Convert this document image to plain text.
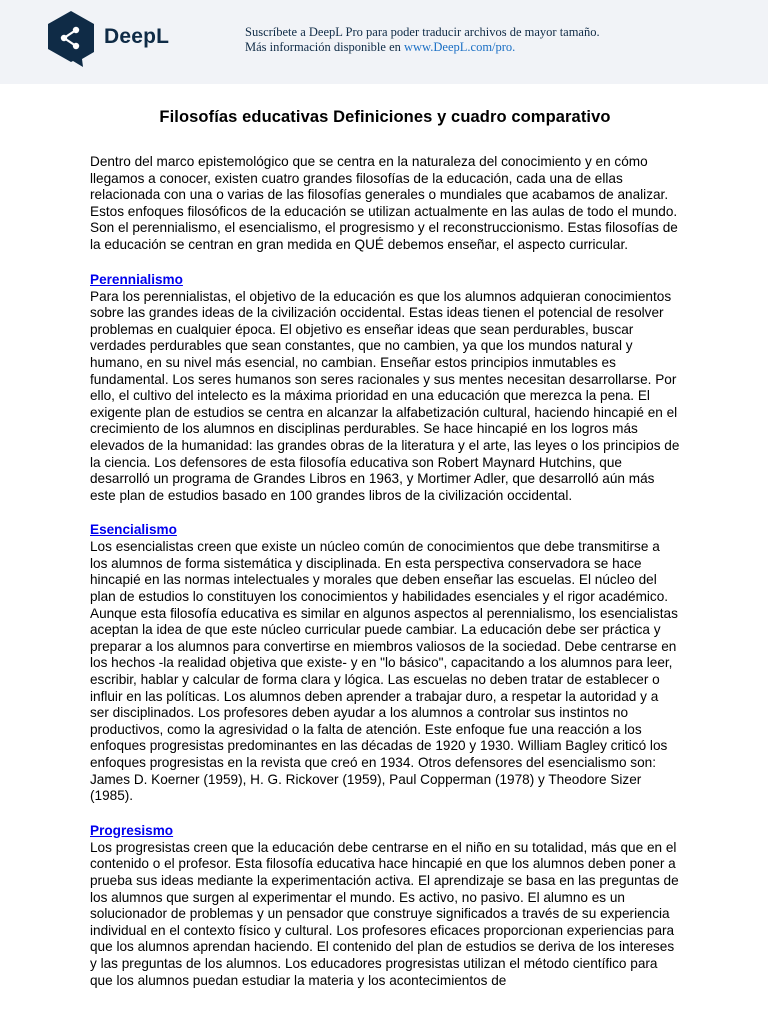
DeepL	Suscríbete a DeepL Pro para poder traducir archivos de mayor tamaño.
Más información disponible en www.DeepL.com/pro.
Filosofías educativas Definiciones y cuadro comparativo

Dentro del marco epistemológico que se centra en la naturaleza del conocimiento y en cómo llegamos a conocer, existen cuatro grandes filosofías de la educación, cada una de ellas relacionada con una o varias de las filosofías generales o mundiales que acabamos de analizar. Estos enfoques filosóficos de la educación se utilizan actualmente en las aulas de todo el mundo. Son el perennialismo, el esencialismo, el progresismo y el reconstruccionismo. Estas filosofías de la educación se centran en gran medida en QUÉ debemos enseñar, el aspecto curricular.

Perennialismo

Para los perennialistas, el objetivo de la educación es que los alumnos adquieran conocimientos sobre las grandes ideas de la civilización occidental. Estas ideas tienen el potencial de resolver problemas en cualquier época. El objetivo es enseñar ideas que sean perdurables, buscar verdades perdurables que sean constantes, que no cambien, ya que los mundos natural y humano, en su nivel más esencial, no cambian. Enseñar estos principios inmutables es fundamental. Los seres humanos son seres racionales y sus mentes necesitan desarrollarse. Por ello, el cultivo del intelecto es la máxima prioridad en una educación que merezca la pena. El exigente plan de estudios se centra en alcanzar la alfabetización cultural, haciendo hincapié en el crecimiento de los alumnos en disciplinas perdurables. Se hace hincapié en los logros más elevados de la humanidad: las grandes obras de la literatura y el arte, las leyes o los principios de la ciencia. Los defensores de esta filosofía educativa son Robert Maynard Hutchins, que desarrolló un programa de Grandes Libros en 1963, y Mortimer Adler, que desarrolló aún más este plan de estudios basado en 100 grandes libros de la civilización occidental.

Esencialismo

Los esencialistas creen que existe un núcleo común de conocimientos que debe transmitirse a los alumnos de forma sistemática y disciplinada. En esta perspectiva conservadora se hace hincapié en las normas intelectuales y morales que deben enseñar las escuelas. El núcleo del plan de estudios lo constituyen los conocimientos y habilidades esenciales y el rigor académico. Aunque esta filosofía educativa es similar en algunos aspectos al perennialismo, los esencialistas aceptan la idea de que este núcleo curricular puede cambiar. La educación debe ser práctica y preparar a los alumnos para convertirse en miembros valiosos de la sociedad. Debe centrarse en los hechos -la realidad objetiva que existe- y en "lo básico", capacitando a los alumnos para leer, escribir, hablar y calcular de forma clara y lógica. Las escuelas no deben tratar de establecer o influir en las políticas. Los alumnos deben aprender a trabajar duro, a respetar la autoridad y a ser disciplinados. Los profesores deben ayudar a los alumnos a controlar sus instintos no productivos, como la agresividad o la falta de atención. Este enfoque fue una reacción a los enfoques progresistas predominantes en las décadas de 1920 y 1930. William Bagley criticó los enfoques progresistas en la revista que creó en 1934. Otros defensores del esencialismo son: James D. Koerner (1959), H. G. Rickover (1959), Paul Copperman (1978) y Theodore Sizer (1985).

Progresismo

Los progresistas creen que la educación debe centrarse en el niño en su totalidad, más que en el contenido o el profesor. Esta filosofía educativa hace hincapié en que los alumnos deben poner a prueba sus ideas mediante la experimentación activa. El aprendizaje se basa en las preguntas de los alumnos que surgen al experimentar el mundo. Es activo, no pasivo. El alumno es un solucionador de problemas y un pensador que construye significados a través de su experiencia individual en el contexto físico y cultural. Los profesores eficaces proporcionan experiencias para que los alumnos aprendan haciendo. El contenido del plan de estudios se deriva de los intereses y las preguntas de los alumnos. Los educadores progresistas utilizan el método científico para que los alumnos puedan estudiar la materia y los acontecimientos de
